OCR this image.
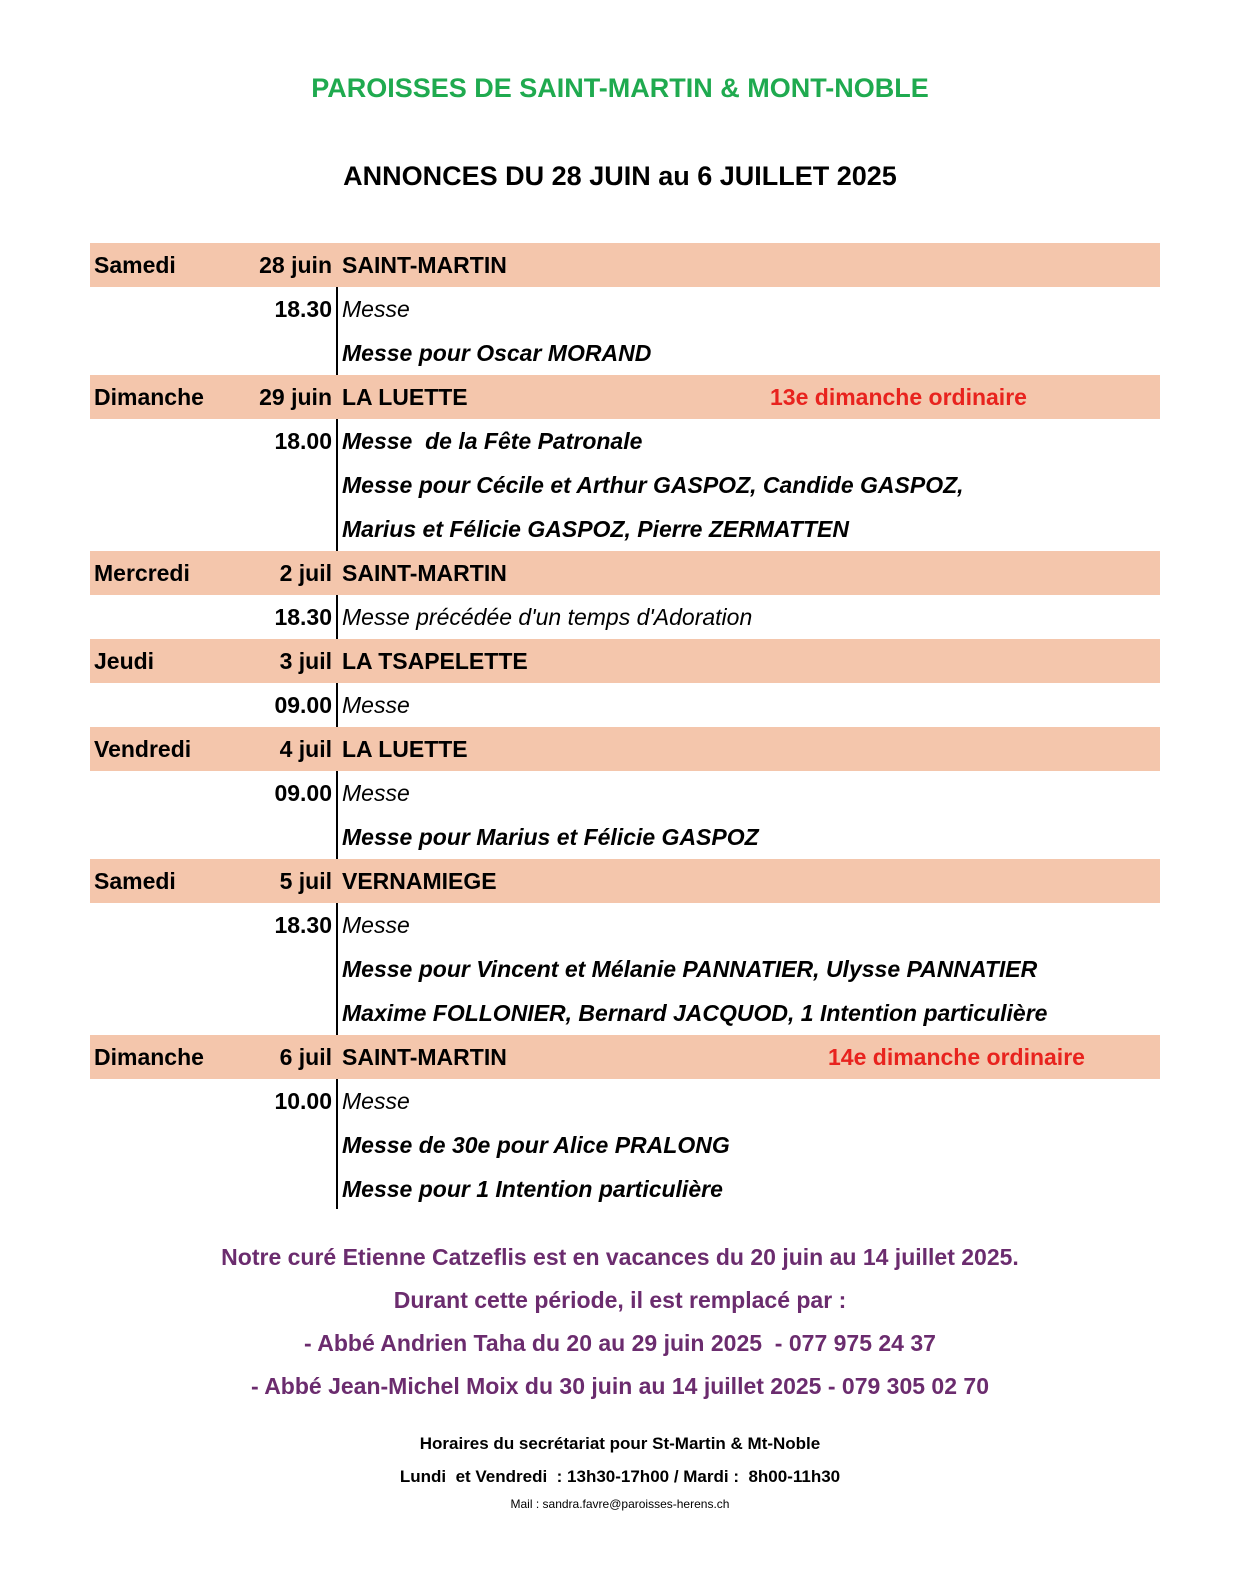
PAROISSES DE SAINT-MARTIN & MONT-NOBLE
ANNONCES DU 28 JUIN au 6 JUILLET 2025
Samedi	28 juin SAINT-MARTIN
18.30 Messe
Messe pour Oscar MORAND
Dimanche	29 juin LA LUETTE	13e dimanche ordinaire
18.00 Messe  de la Fête Patronale
Messe pour Cécile et Arthur GASPOZ, Candide GASPOZ,
Marius et Félicie GASPOZ, Pierre ZERMATTEN
Mercredi	2 juil SAINT-MARTIN
18.30 Messe précédée d'un temps d'Adoration
Jeudi	3 juil LA TSAPELETTE
09.00 Messe
Vendredi	4 juil LA LUETTE
09.00 Messe
Messe pour Marius et Félicie GASPOZ
Samedi	5 juil VERNAMIEGE
18.30 Messe
Messe pour Vincent et Mélanie PANNATIER, Ulysse PANNATIER
Maxime FOLLONIER, Bernard JACQUOD, 1 Intention particulière
Dimanche	6 juil SAINT-MARTIN	14e dimanche ordinaire
10.00 Messe
Messe de 30e pour Alice PRALONG
Messe pour 1 Intention particulière
Notre curé Etienne Catzeflis est en vacances du 20 juin au 14 juillet 2025.
Durant cette période, il est remplacé par :
- Abbé Andrien Taha du 20 au 29 juin 2025  - 077 975 24 37
- Abbé Jean-Michel Moix du 30 juin au 14 juillet 2025 - 079 305 02 70
Horaires du secrétariat pour St-Martin & Mt-Noble
Lundi  et Vendredi  : 13h30-17h00 / Mardi :  8h00-11h30
Mail : sandra.favre@paroisses-herens.ch
